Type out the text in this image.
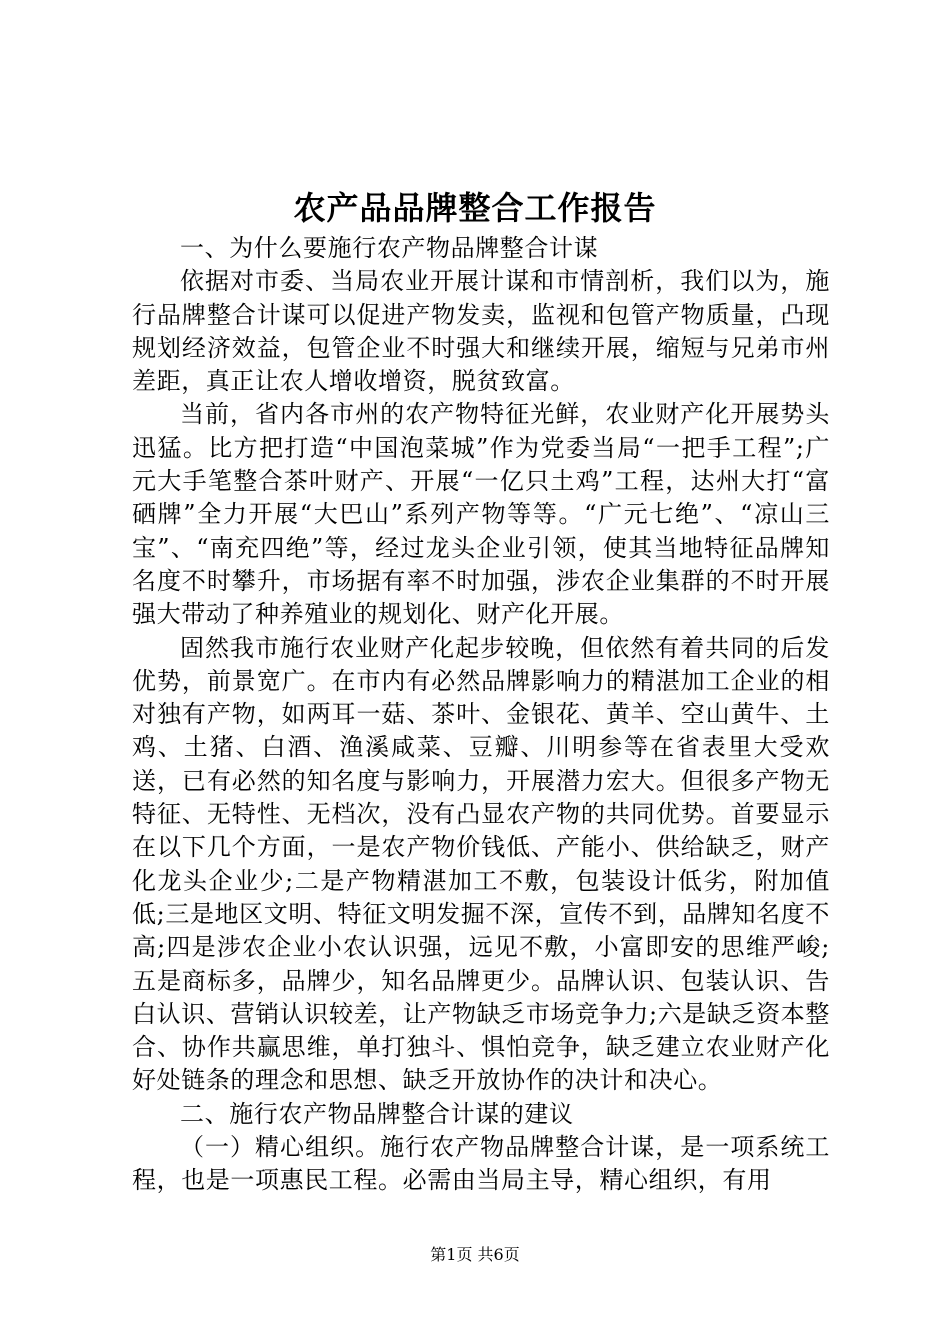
农产品品牌整合工作报告

一、为什么要施行农产物品牌整合计谋

依据对市委、当局农业开展计谋和市情剖析，我们以为，施行品牌整合计谋可以促进产物发卖，监视和包管产物质量，凸现规划经济效益，包管企业不时强大和继续开展，缩短与兄弟市州差距，真正让农人增收增资，脱贫致富。

当前，省内各市州的农产物特征光鲜，农业财产化开展势头迅猛。比方把打造“中国泡菜城”作为党委当局“一把手工程”;广元大手笔整合茶叶财产、开展“一亿只土鸡”工程，达州大打“富硒牌”全力开展“大巴山”系列产物等等。“广元七绝”、“凉山三宝”、“南充四绝”等，经过龙头企业引领，使其当地特征品牌知名度不时攀升，市场据有率不时加强，涉农企业集群的不时开展强大带动了种养殖业的规划化、财产化开展。

固然我市施行农业财产化起步较晚，但依然有着共同的后发优势，前景宽广。在市内有必然品牌影响力的精湛加工企业的相对独有产物，如两耳一菇、茶叶、金银花、黄羊、空山黄牛、土鸡、土猪、白酒、渔溪咸菜、豆瓣、川明参等在省表里大受欢送，已有必然的知名度与影响力，开展潜力宏大。但很多产物无特征、无特性、无档次，没有凸显农产物的共同优势。首要显示在以下几个方面，一是农产物价钱低、产能小、供给缺乏，财产化龙头企业少;二是产物精湛加工不敷，包装设计低劣，附加值低;三是地区文明、特征文明发掘不深，宣传不到，品牌知名度不高;四是涉农企业小农认识强，远见不敷，小富即安的思维严峻;五是商标多，品牌少，知名品牌更少。品牌认识、包装认识、告白认识、营销认识较差，让产物缺乏市场竞争力;六是缺乏资本整合、协作共赢思维，单打独斗、惧怕竞争，缺乏建立农业财产化好处链条的理念和思想、缺乏开放协作的决计和决心。

二、施行农产物品牌整合计谋的建议

（一）精心组织。施行农产物品牌整合计谋，是一项系统工程，也是一项惠民工程。必需由当局主导，精心组织，有用

第1页 共6页
